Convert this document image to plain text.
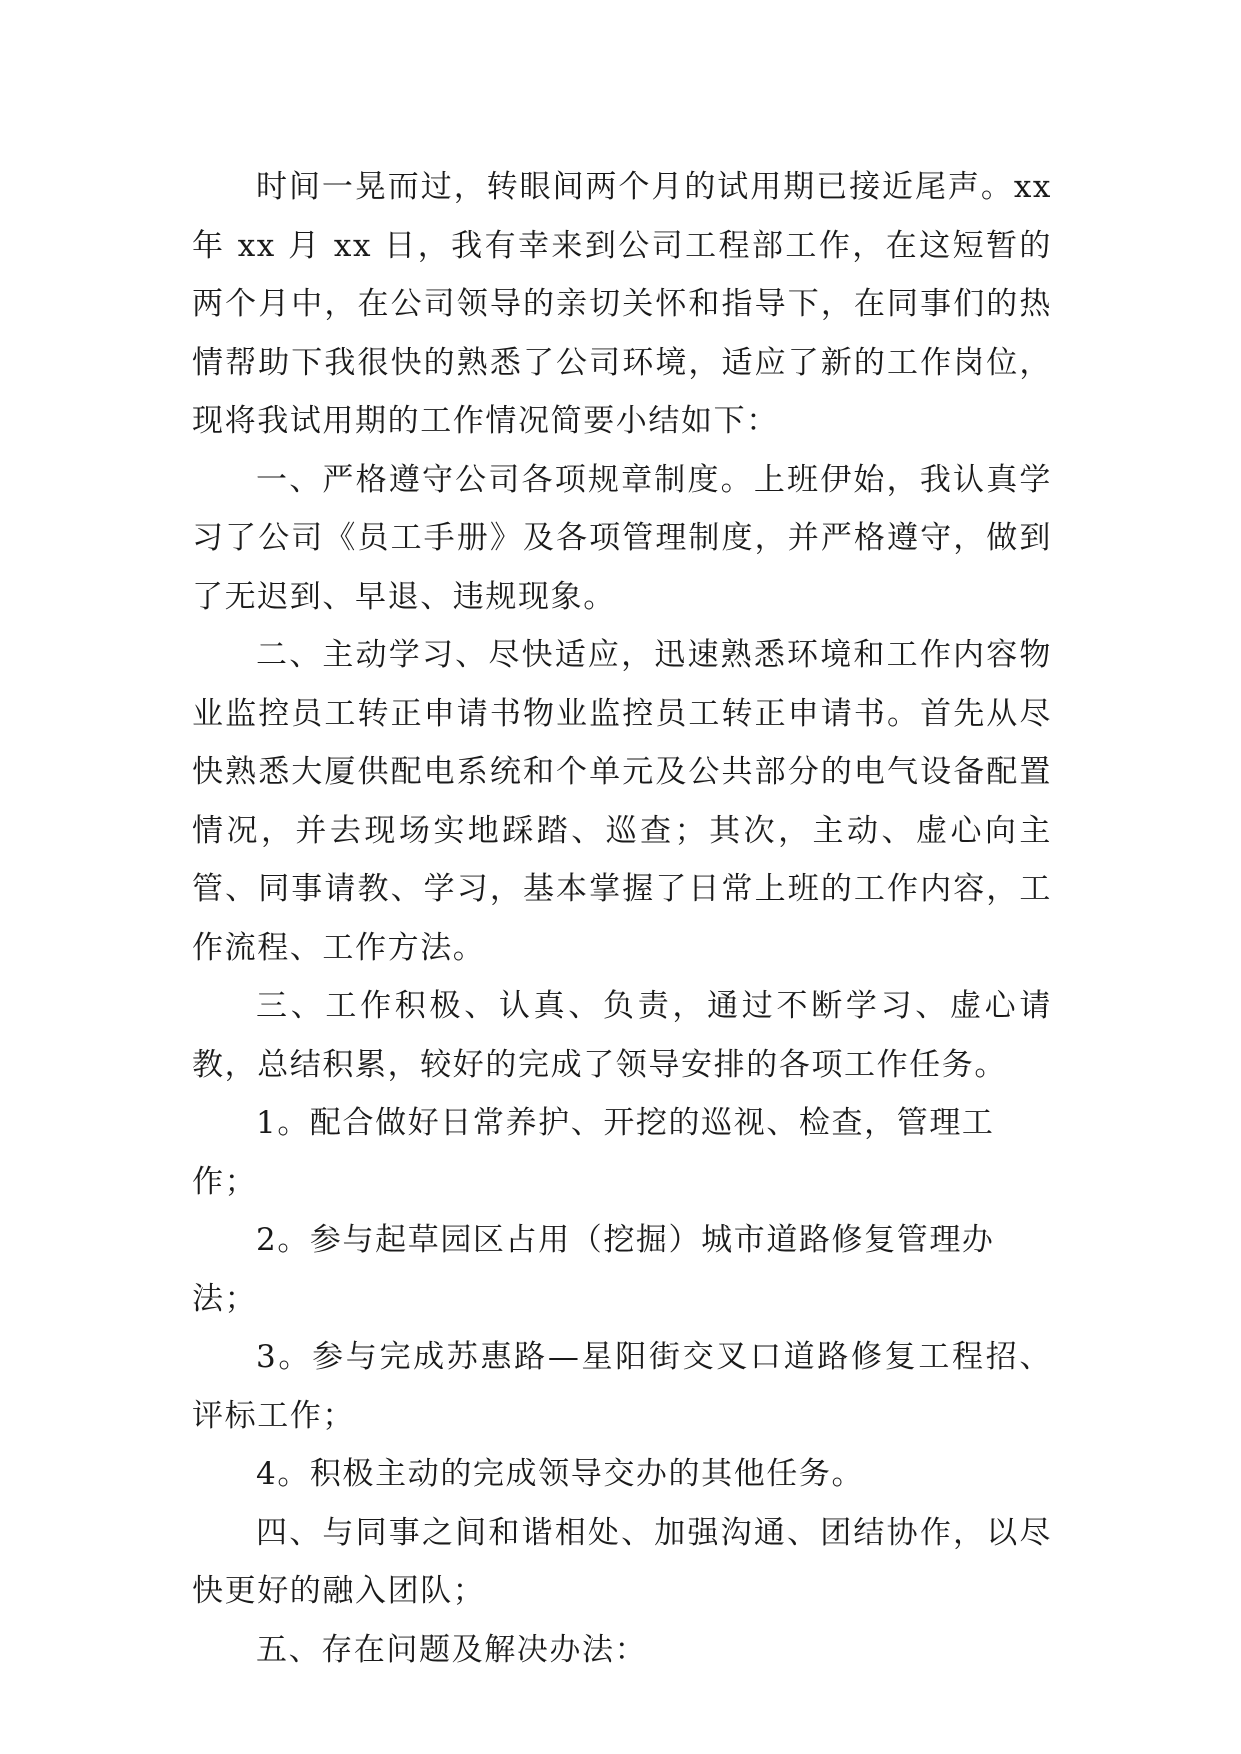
时间一晃而过，转眼间两个月的试用期已接近尾声。xx年 xx 月 xx 日，我有幸来到公司工程部工作，在这短暂的两个月中，在公司领导的亲切关怀和指导下，在同事们的热情帮助下我很快的熟悉了公司环境，适应了新的工作岗位，现将我试用期的工作情况简要小结如下：

一、严格遵守公司各项规章制度。上班伊始，我认真学习了公司《员工手册》及各项管理制度，并严格遵守，做到了无迟到、早退、违规现象。

二、主动学习、尽快适应，迅速熟悉环境和工作内容物业监控员工转正申请书物业监控员工转正申请书。首先从尽快熟悉大厦供配电系统和个单元及公共部分的电气设备配置情况，并去现场实地踩踏、巡查；其次，主动、虚心向主管、同事请教、学习，基本掌握了日常上班的工作内容，工作流程、工作方法。

三、工作积极、认真、负责，通过不断学习、虚心请教，总结积累，较好的完成了领导安排的各项工作任务。

1。配合做好日常养护、开挖的巡视、检查，管理工作；

2。参与起草园区占用（挖掘）城市道路修复管理办法；

3。参与完成苏惠路—星阳街交叉口道路修复工程招、评标工作；

4。积极主动的完成领导交办的其他任务。

四、与同事之间和谐相处、加强沟通、团结协作，以尽快更好的融入团队；

五、存在问题及解决办法：
